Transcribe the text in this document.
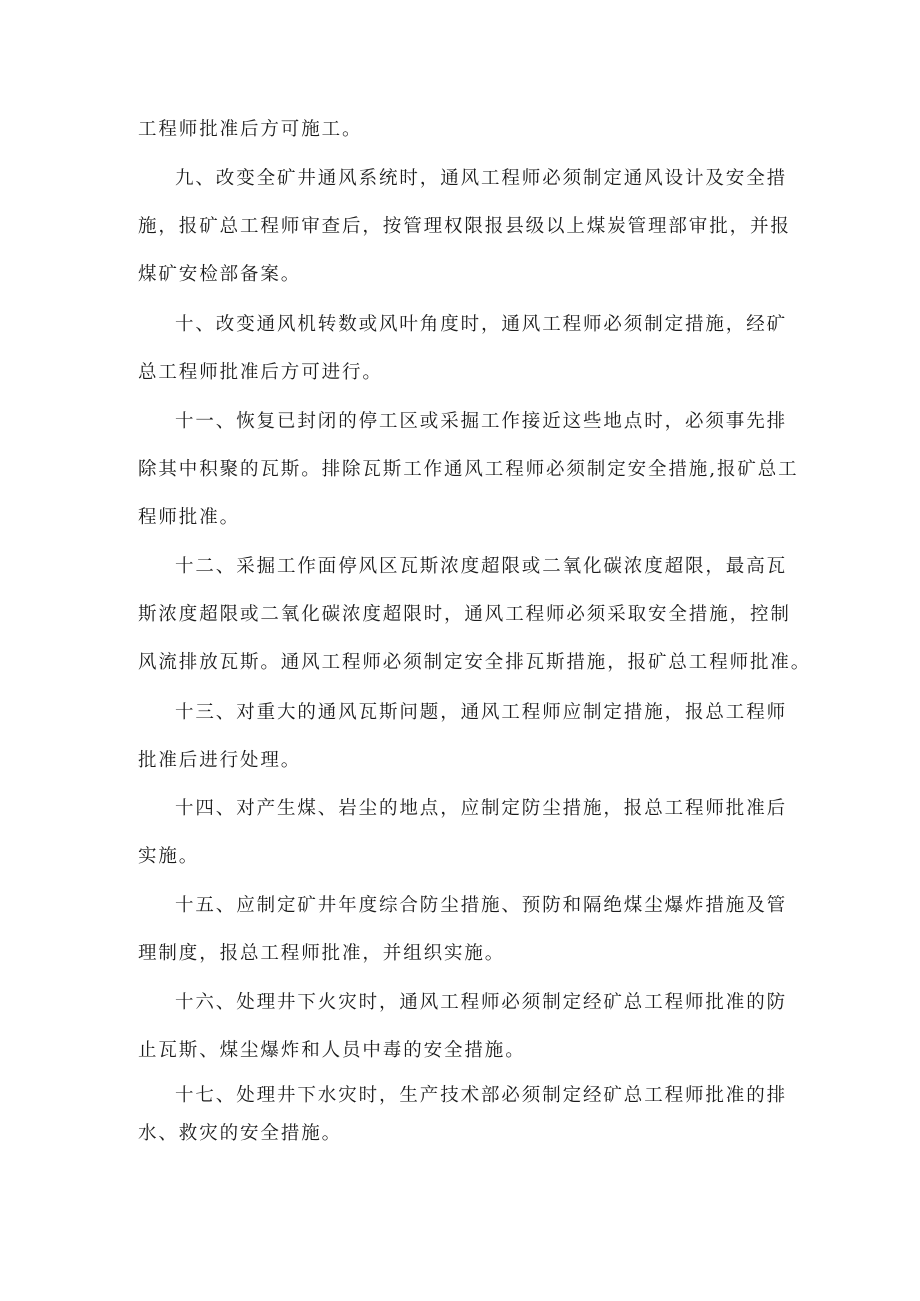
工程师批准后方可施工。
九、改变全矿井通风系统时，通风工程师必须制定通风设计及安全措
施，报矿总工程师审查后，按管理权限报县级以上煤炭管理部审批，并报
煤矿安检部备案。
十、改变通风机转数或风叶角度时，通风工程师必须制定措施，经矿
总工程师批准后方可进行。
十一、恢复已封闭的停工区或采掘工作接近这些地点时，必须事先排
除其中积聚的瓦斯。排除瓦斯工作通风工程师必须制定安全措施,报矿总工
程师批准。
十二、采掘工作面停风区瓦斯浓度超限或二氧化碳浓度超限，最高瓦
斯浓度超限或二氧化碳浓度超限时，通风工程师必须采取安全措施，控制
风流排放瓦斯。通风工程师必须制定安全排瓦斯措施，报矿总工程师批准。
十三、对重大的通风瓦斯问题，通风工程师应制定措施，报总工程师
批准后进行处理。
十四、对产生煤、岩尘的地点，应制定防尘措施，报总工程师批准后
实施。
十五、应制定矿井年度综合防尘措施、预防和隔绝煤尘爆炸措施及管
理制度，报总工程师批准，并组织实施。
十六、处理井下火灾时，通风工程师必须制定经矿总工程师批准的防
止瓦斯、煤尘爆炸和人员中毒的安全措施。
十七、处理井下水灾时，生产技术部必须制定经矿总工程师批准的排
水、救灾的安全措施。
